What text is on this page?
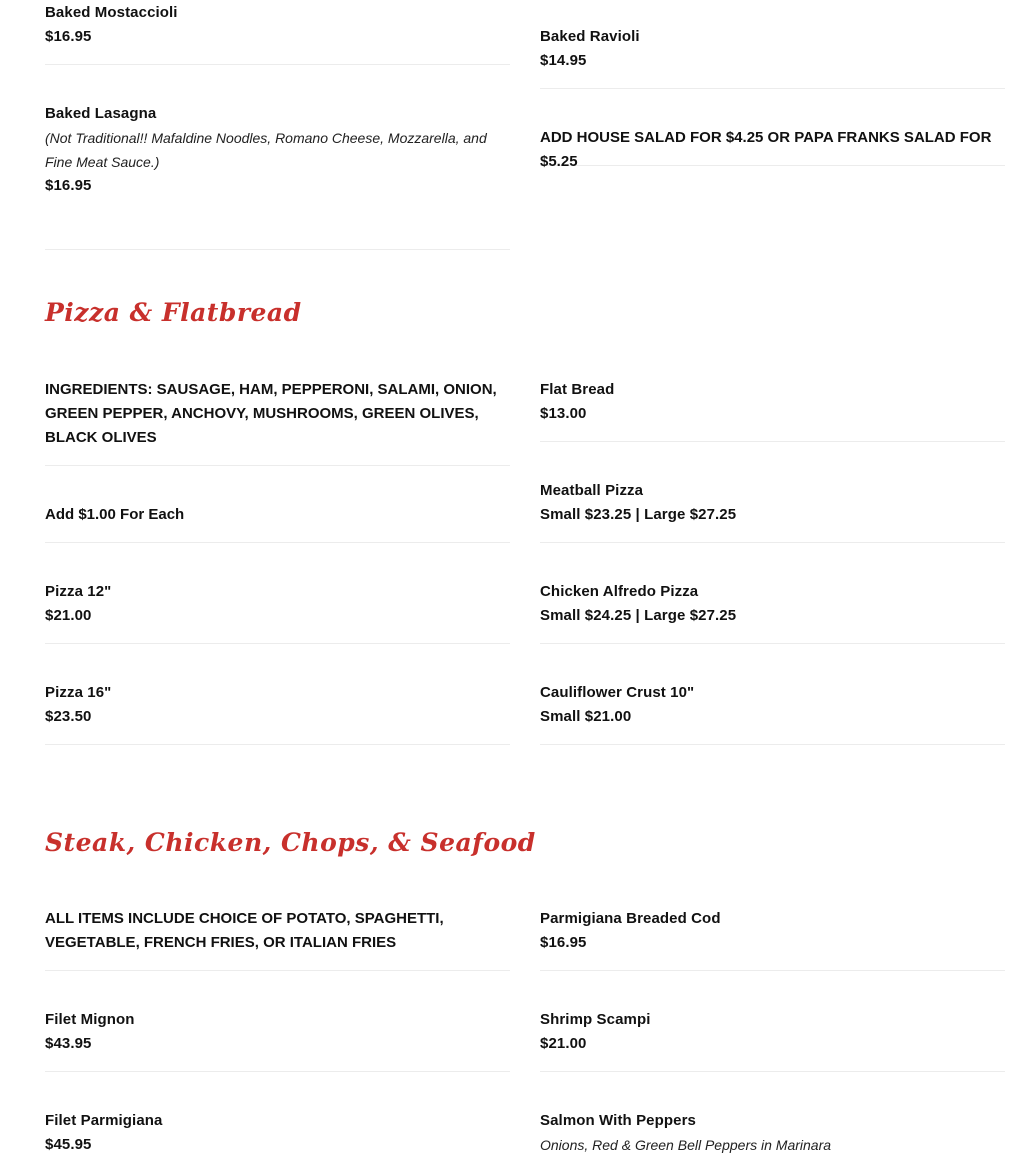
Baked Mostaccioli

$16.95

Baked Lasagna

(Not Traditional!! Mafaldine Noodles, Romano Cheese, Mozzarella, and Fine Meat Sauce.)

$16.95

Baked Ravioli

$14.95

ADD HOUSE SALAD FOR $4.25 OR PAPA FRANKS SALAD FOR $5.25

Pizza & Flatbread

INGREDIENTS: SAUSAGE, HAM, PEPPERONI, SALAMI, ONION, GREEN PEPPER, ANCHOVY, MUSHROOMS, GREEN OLIVES, BLACK OLIVES

Add $1.00 For Each

Pizza 12"

$21.00

Pizza 16"

$23.50

Flat Bread

$13.00

Meatball Pizza

Small $23.25 | Large $27.25

Chicken Alfredo Pizza

Small $24.25 | Large $27.25

Cauliflower Crust 10"

Small $21.00

Steak, Chicken, Chops, & Seafood

ALL ITEMS INCLUDE CHOICE OF POTATO, SPAGHETTI, VEGETABLE, FRENCH FRIES, OR ITALIAN FRIES

Filet Mignon

$43.95

Filet Parmigiana

$45.95

Parmigiana Breaded Cod

$16.95

Shrimp Scampi

$21.00

Salmon With Peppers

Onions, Red & Green Bell Peppers in Marinara
